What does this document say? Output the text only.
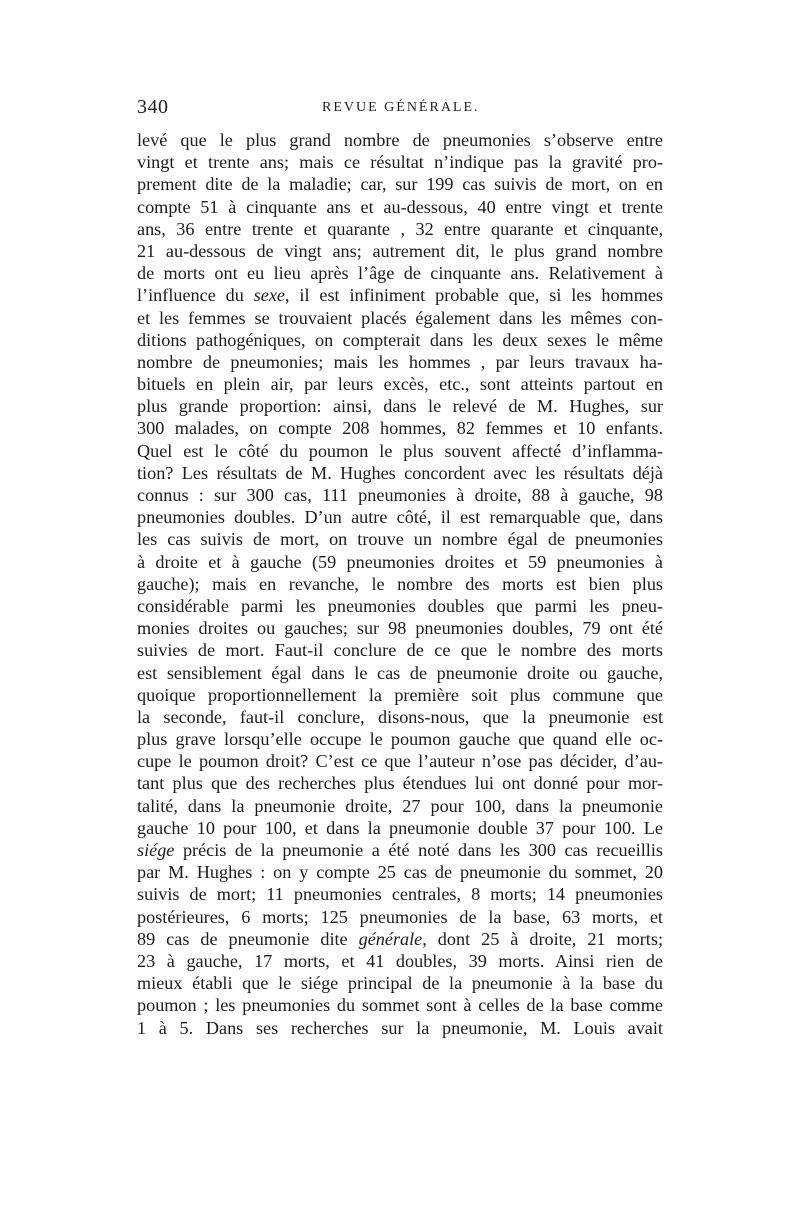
340	REVUE GÉNÉRALE.
levé que le plus grand nombre de pneumonies s’observe entre
vingt et trente ans; mais ce résultat n’indique pas la gravité pro-
prement dite de la maladie; car, sur 199 cas suivis de mort, on en
compte 51 à cinquante ans et au-dessous, 40 entre vingt et trente
ans, 36 entre trente et quarante , 32 entre quarante et cinquante,
21 au-dessous de vingt ans; autrement dit, le plus grand nombre
de morts ont eu lieu après l’âge de cinquante ans. Relativement à
l’influence du sexe, il est infiniment probable que, si les hommes
et les femmes se trouvaient placés également dans les mêmes con-
ditions pathogéniques, on compterait dans les deux sexes le même
nombre de pneumonies; mais les hommes , par leurs travaux ha-
bituels en plein air, par leurs excès, etc., sont atteints partout en
plus grande proportion: ainsi, dans le relevé de M. Hughes, sur
300 malades, on compte 208 hommes, 82 femmes et 10 enfants.
Quel est le côté du poumon le plus souvent affecté d’inflamma-
tion? Les résultats de M. Hughes concordent avec les résultats déjà
connus : sur 300 cas, 111 pneumonies à droite, 88 à gauche, 98
pneumonies doubles. D’un autre côté, il est remarquable que, dans
les cas suivis de mort, on trouve un nombre égal de pneumonies
à droite et à gauche (59 pneumonies droites et 59 pneumonies à
gauche); mais en revanche, le nombre des morts est bien plus
considérable parmi les pneumonies doubles que parmi les pneu-
monies droites ou gauches; sur 98 pneumonies doubles, 79 ont été
suivies de mort. Faut-il conclure de ce que le nombre des morts
est sensiblement égal dans le cas de pneumonie droite ou gauche,
quoique proportionnellement la première soit plus commune que
la seconde, faut-il conclure, disons-nous, que la pneumonie est
plus grave lorsqu’elle occupe le poumon gauche que quand elle oc-
cupe le poumon droit? C’est ce que l’auteur n’ose pas décider, d’au-
tant plus que des recherches plus étendues lui ont donné pour mor-
talité, dans la pneumonie droite, 27 pour 100, dans la pneumonie
gauche 10 pour 100, et dans la pneumonie double 37 pour 100. Le
siége précis de la pneumonie a été noté dans les 300 cas recueillis
par M. Hughes : on y compte 25 cas de pneumonie du sommet, 20
suivis de mort; 11 pneumonies centrales, 8 morts; 14 pneumonies
postérieures, 6 morts; 125 pneumonies de la base, 63 morts, et
89 cas de pneumonie dite générale, dont 25 à droite, 21 morts;
23 à gauche, 17 morts, et 41 doubles, 39 morts. Ainsi rien de
mieux établi que le siége principal de la pneumonie à la base du
poumon ; les pneumonies du sommet sont à celles de la base comme
1 à 5. Dans ses recherches sur la pneumonie, M. Louis avait
